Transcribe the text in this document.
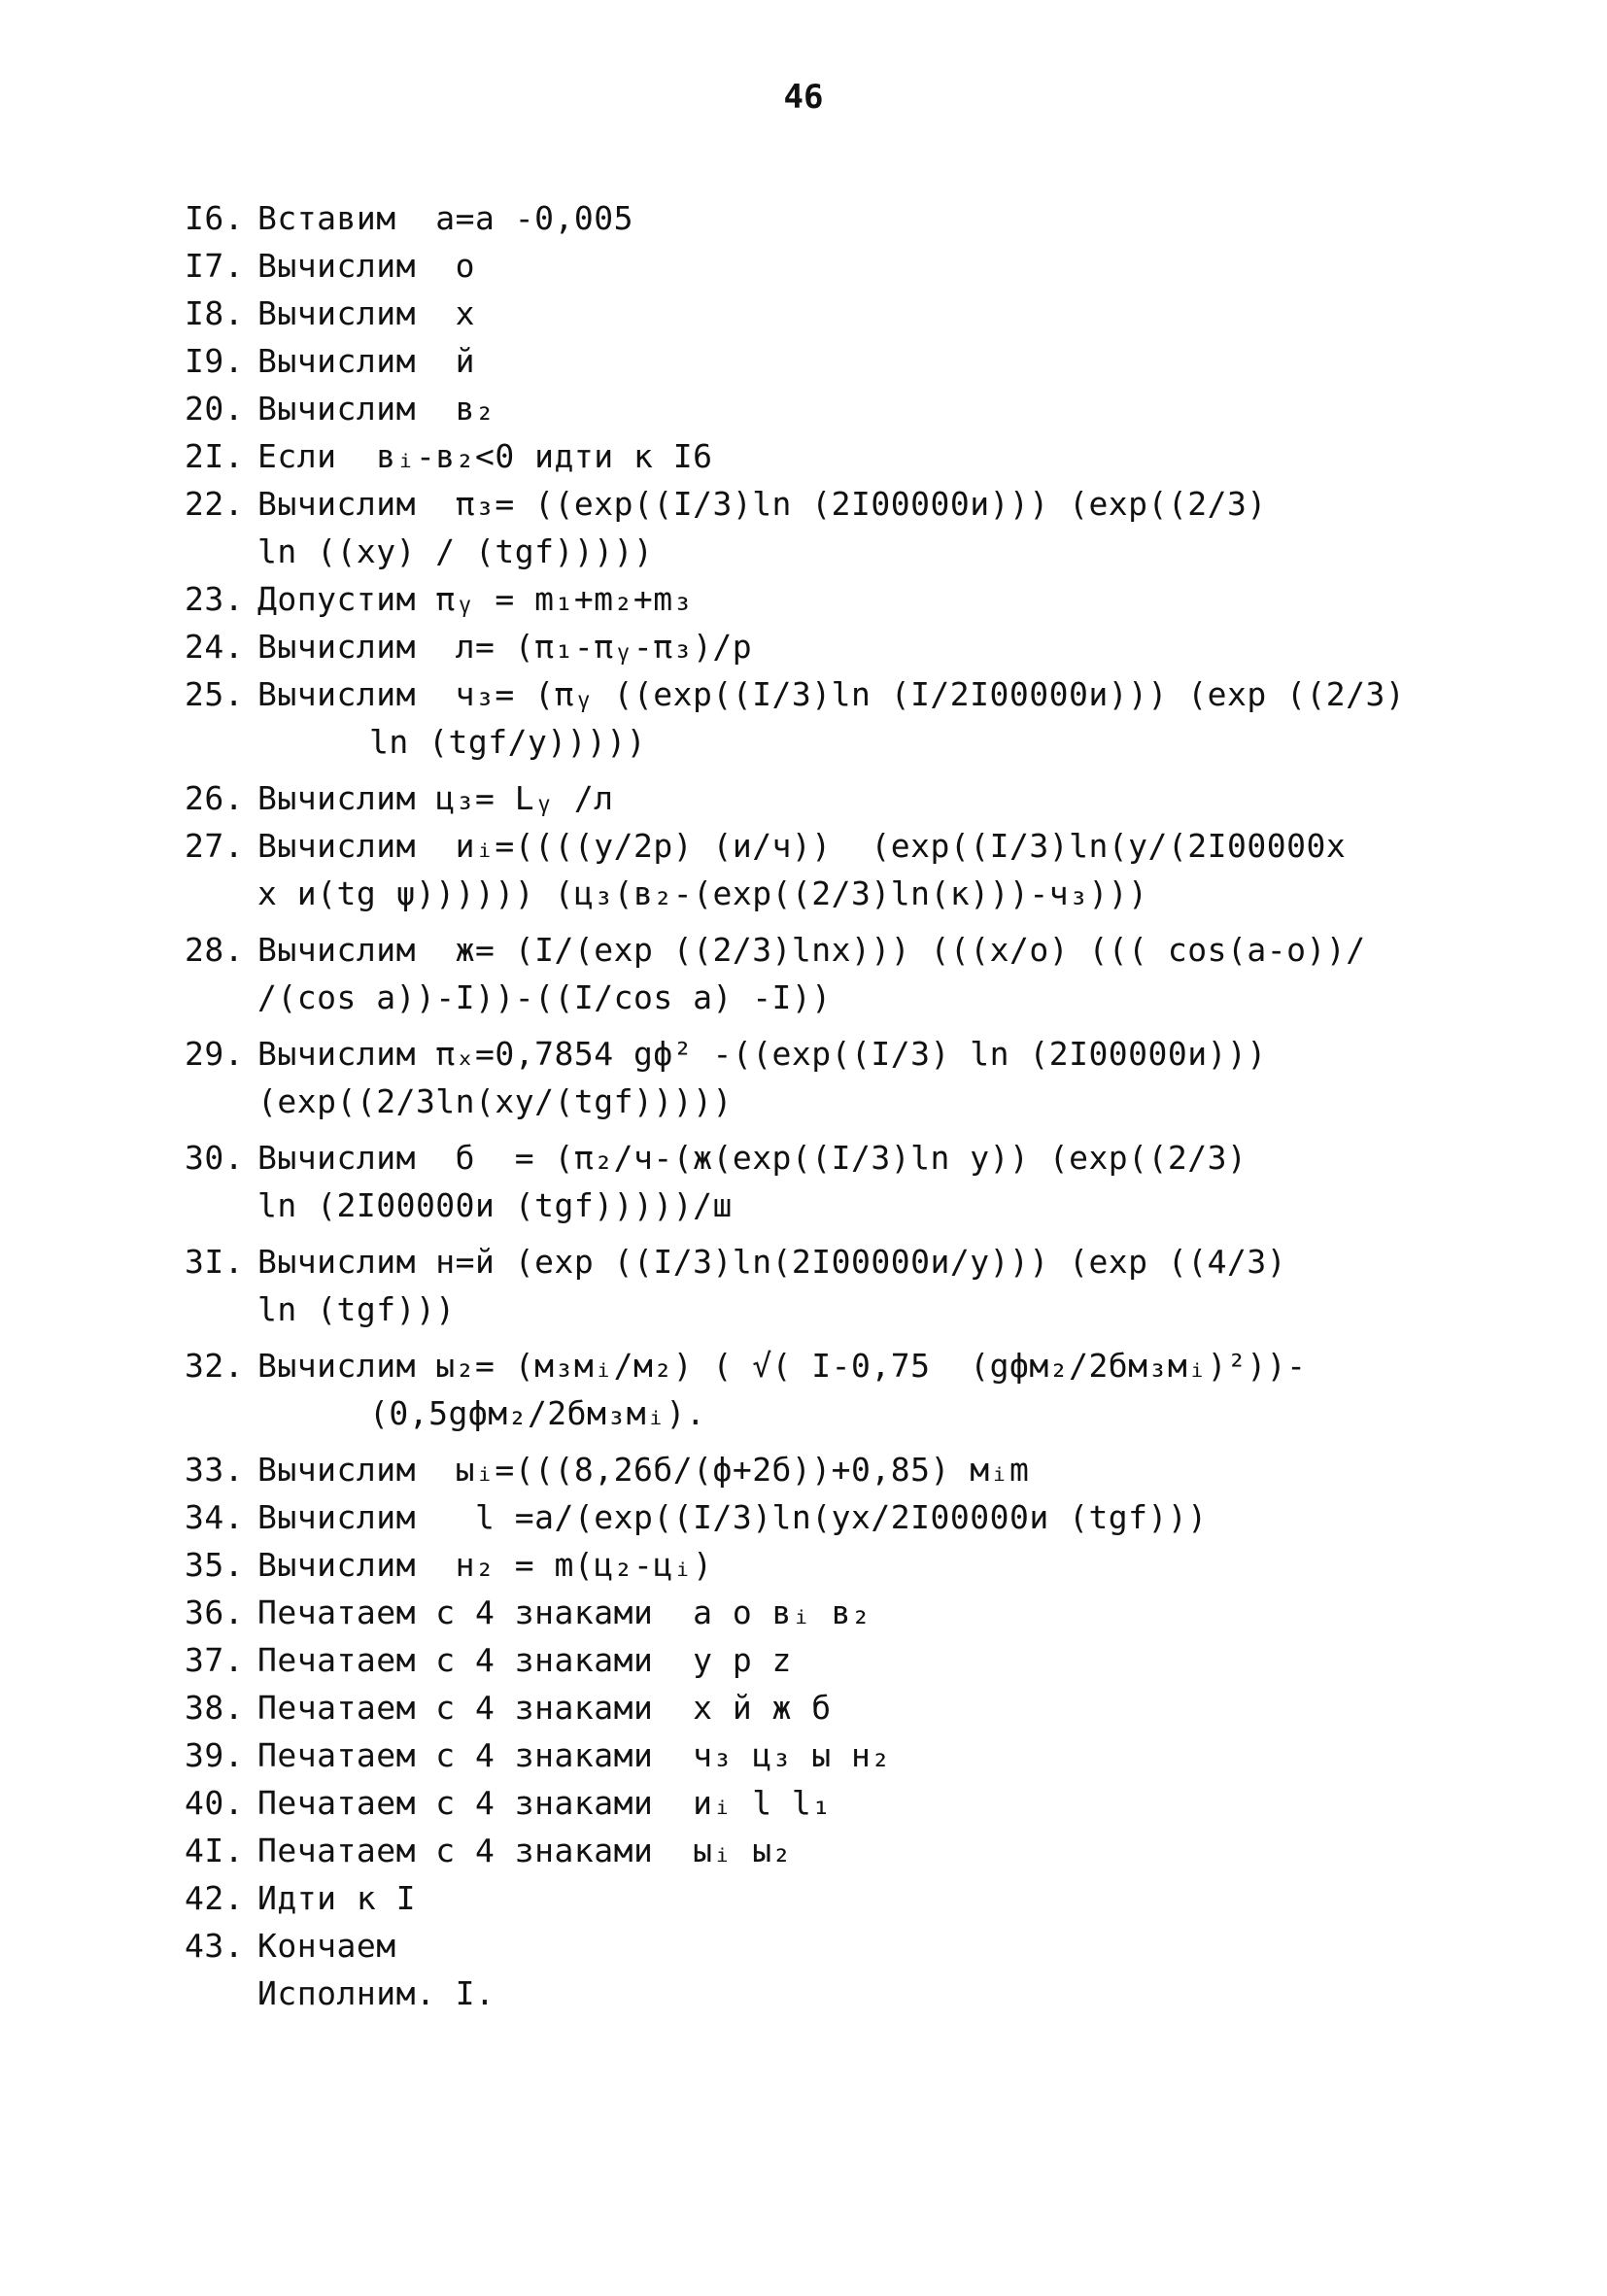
46
I6. Вставим  а=а -0,005
I7. Вычислим  о
I8. Вычислим  х
I9. Вычислим  й
20. Вычислим  в₂
2I. Если  вᵢ-в₂<0 идти к I6
22. Вычислим  π₃= ((exp((I/3)ln (2I00000и))) (exp((2/3)
ln ((xy) / (tgf)))))
23. Допустим πᵧ = m₁+m₂+m₃
24. Вычислим  л= (π₁-πᵧ-π₃)/p
25. Вычислим  ч₃= (πᵧ ((exp((I/3)ln (I/2I00000и))) (exp ((2/3)
ln (tgf/y)))))
26. Вычислим ц₃= Lᵧ /л
27. Вычислим  иᵢ=((((y/2p) (и/ч))  (exp((I/3)ln(y/(2I00000x
x и(tg ψ)))))) (ц₃(в₂-(exp((2/3)ln(к)))-ч₃)))
28. Вычислим  ж= (I/(exp ((2/3)lnx))) (((x/o) ((( cos(a-o))/
/(cos a))-I))-((I/cos a) -I))
29. Вычислим πₓ=0,7854 gф² -((exp((I/3) ln (2I00000и)))
(exp((2/3ln(xy/(tgf)))))
30. Вычислим  б  = (π₂/ч-(ж(exp((I/3)ln y)) (exp((2/3)
ln (2I00000и (tgf)))))/ш
3I. Вычислим н=й (exp ((I/3)ln(2I00000и/y))) (exp ((4/3)
ln (tgf)))
32. Вычислим ы₂= (м₃мᵢ/м₂) ( √( I-0,75  (gфм₂/2бм₃мᵢ)²))-
(0,5gфм₂/2бм₃мᵢ).
33. Вычислим  ыᵢ=(((8,26б/(ф+2б))+0,85) мᵢm
34. Вычислим   l =a/(exp((I/3)ln(yx/2I00000и (tgf)))
35. Вычислим  н₂ = m(ц₂-цᵢ)
36. Печатаем с 4 знаками  а о вᵢ в₂
37. Печатаем с 4 знаками  у р z
38. Печатаем с 4 знаками  х й ж б
39. Печатаем с 4 знаками  ч₃ ц₃ ы н₂
40. Печатаем с 4 знаками  иᵢ l l₁
4I. Печатаем с 4 знаками  ыᵢ ы₂
42. Идти к I
43. Кончаем
Исполним. I.
